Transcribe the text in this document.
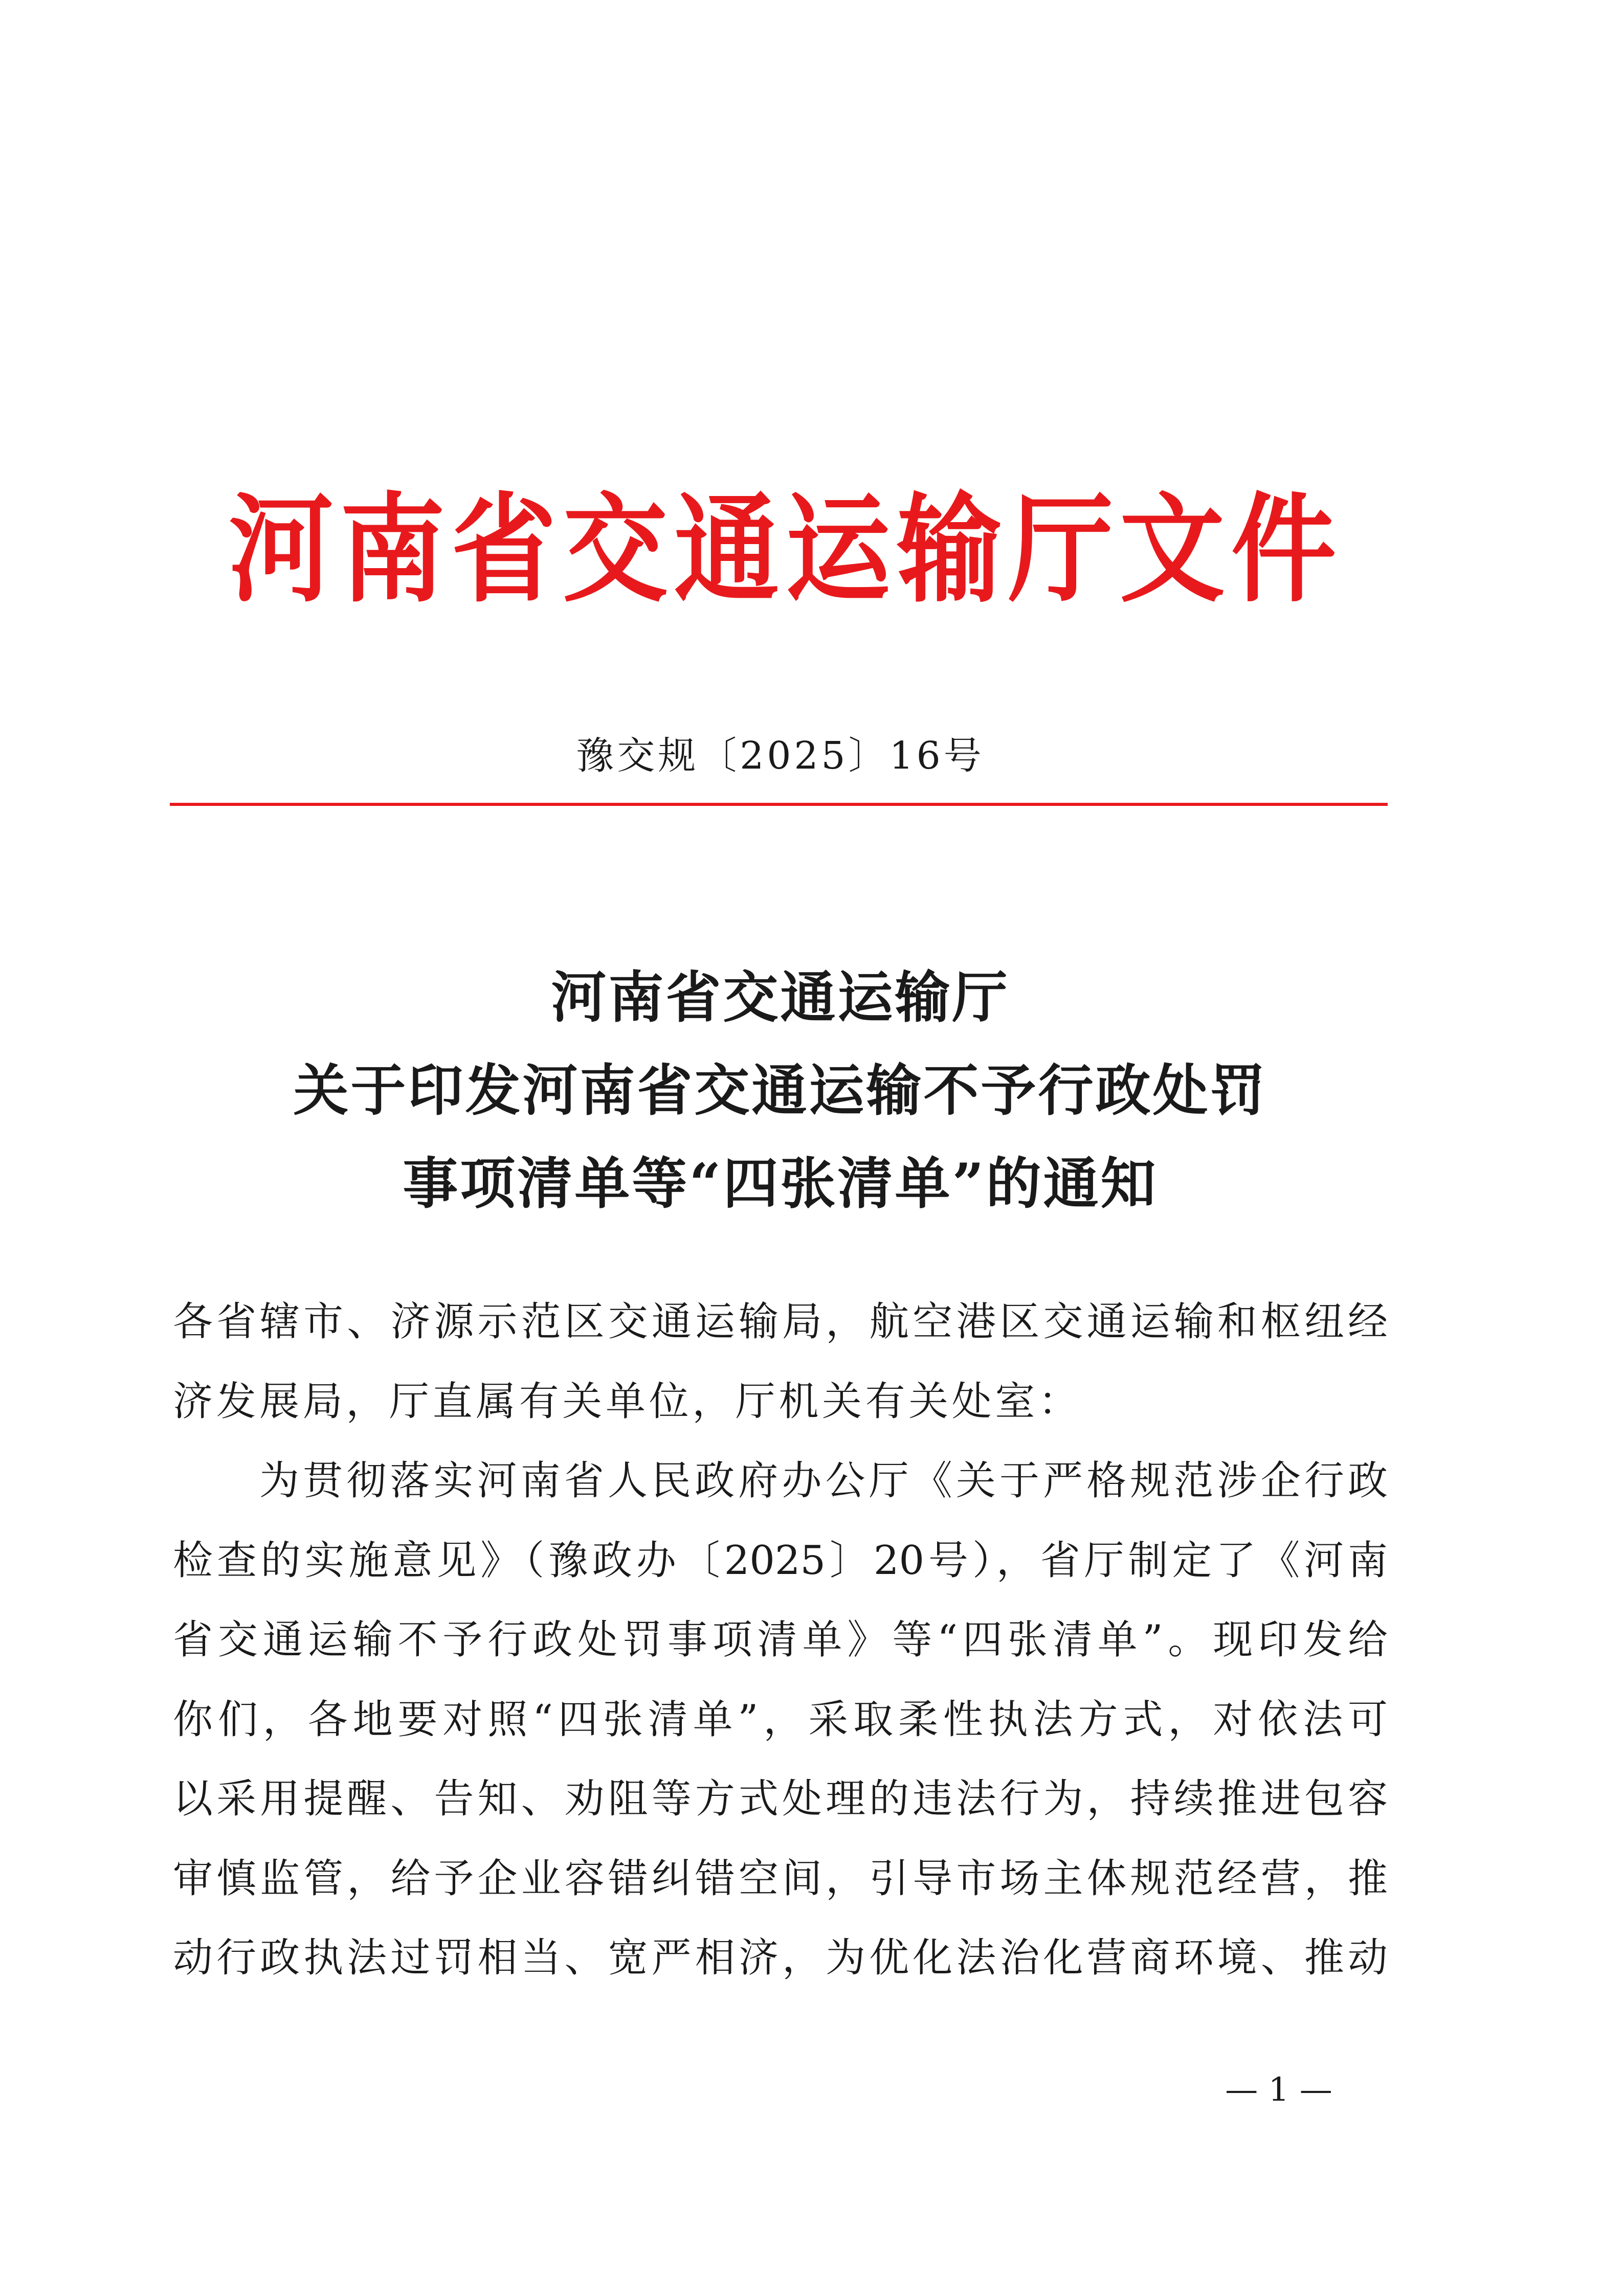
河南省交通运输厅文件
豫交规〔2025〕16号
河南省交通运输厅
关于印发河南省交通运输不予行政处罚
事项清单等“四张清单”的通知
各省辖市、济源示范区交通运输局，航空港区交通运输和枢纽经
济发展局，厅直属有关单位，厅机关有关处室：
为贯彻落实河南省人民政府办公厅《关于严格规范涉企行政
检查的实施意见》（豫政办〔2025〕20号），省厅制定了《河南
省交通运输不予行政处罚事项清单》等“四张清单”。现印发给
你们，各地要对照“四张清单”，采取柔性执法方式，对依法可
以采用提醒、告知、劝阻等方式处理的违法行为，持续推进包容
审慎监管，给予企业容错纠错空间，引导市场主体规范经营，推
动行政执法过罚相当、宽严相济，为优化法治化营商环境、推动
— 1 —
